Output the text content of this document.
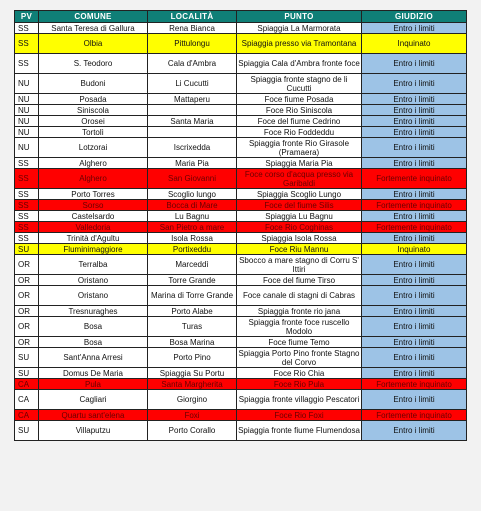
PV	COMUNE	LOCALITÀ	PUNTO	GIUDIZIO
SS	Santa Teresa di Gallura	Rena Bianca	Spiaggia La Marmorata	Entro i limiti
SS	Olbia	Pittulongu	Spiaggia presso via Tramontana	Inquinato
SS	S. Teodoro	Cala d'Ambra	Spiaggia Cala d'Ambra fronte foce	Entro i limiti
NU	Budoni	Li Cucutti	Spiaggia fronte stagno de li Cucutti	Entro i limiti
NU	Posada	Mattaperu	Foce fiume Posada	Entro i limiti
NU	Siniscola		Foce Rio Siniscola	Entro i limiti
NU	Orosei	Santa Maria	Foce del fiume Cedrino	Entro i limiti
NU	Tortolì		Foce Rio Foddeddu	Entro i limiti
NU	Lotzorai	Iscrixedda	Spiaggia fronte Rio Girasole (Pramaera)	Entro i limiti
SS	Alghero	Maria Pia	Spiaggia Maria Pia	Entro i limiti
SS	Alghero	San Giovanni	Foce corso d'acqua presso via Garibaldi	Fortemente inquinato
SS	Porto Torres	Scoglio lungo	Spiaggia Scoglio Lungo	Entro i limiti
SS	Sorso	Bocca di Mare	Foce del fiume Silis	Fortemente inquinato
SS	Castelsardo	Lu Bagnu	Spiaggia Lu Bagnu	Entro i limiti
SS	Valledoria	San Pietro a mare	Foce Rio Coghinas	Fortemente inquinato
SS	Trinità d'Agultu	Isola Rossa	Spiaggia Isola Rossa	Entro i limiti
SU	Fluminimaggiore	Portixeddu	Foce Riu Mannu	Inquinato
OR	Terralba	Marceddì	Sbocco a mare stagno di Corru S' Ittiri	Entro i limiti
OR	Oristano	Torre Grande	Foce del fiume Tirso	Entro i limiti
OR	Oristano	Marina di Torre Grande	Foce canale di stagni di Cabras	Entro i limiti
OR	Tresnuraghes	Porto Alabe	Spiaggia fronte rio jana	Entro i limiti
OR	Bosa	Turas	Spiaggia fronte foce ruscello Modolo	Entro i limiti
OR	Bosa	Bosa Marina	Foce fiume Temo	Entro i limiti
SU	Sant'Anna Arresi	Porto Pino	Spiaggia Porto Pino fronte Stagno del Corvo	Entro i limiti
SU	Domus De Maria	Spiaggia Su Portu	Foce Rio Chia	Entro i limiti
CA	Pula	Santa Margherita	Foce Rio Pula	Fortemente inquinato
CA	Cagliari	Giorgino	Spiaggia fronte villaggio Pescatori	Entro i limiti
CA	Quartu sant'elena	Foxi	Foce Rio Foxi	Fortemente inquinato
SU	Villaputzu	Porto Corallo	Spiaggia fronte fiume Flumendosa	Entro i limiti
